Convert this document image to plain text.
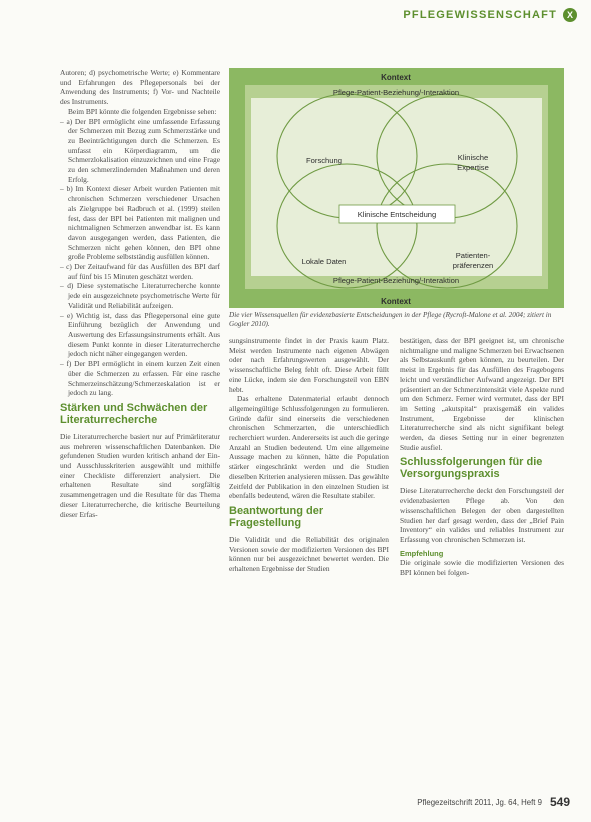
PFLEGEWISSENSCHAFT	X

Autoren; d) psychometrische Werte; e) Kommentare und Erfahrungen des Pflegepersonals bei der Anwendung des Instruments; f) Vor- und Nachteile des Instruments.

Beim BPI könnte die folgenden Ergebnisse sehen:

– a) Der BPI ermöglicht eine umfassende Erfassung der Schmerzen mit Bezug zum Schmerzstärke und zu Beeinträchtigungen durch die Schmerzen. Es umfasst ein Körperdiagramm, um die Schmerzlokalisation einzuzeichnen und eine Frage zu den schmerzlindernden Maßnahmen und deren Erfolg.

– b) Im Kontext dieser Arbeit wurden Patienten mit chronischen Schmerzen verschiedener Ursachen als Zielgruppe bei Radbruch et al. (1999) steilen fest, dass der BPI bei Patienten mit malignen und nichtmalignen Schmerzen anwendbar ist. Es kann davon ausgegangen werden, dass Patienten, die Schmerzen nicht gehen können, den BPI ohne große Probleme selbstständig ausfüllen können.

– c) Der Zeitaufwand für das Ausfüllen des BPI darf auf fünf bis 15 Minuten geschätzt werden.

– d) Diese systematische Literaturrecherche konnte jede ein ausgezeichnete psychometrische Werte für Validität und Reliabilität aufzeigen.

– e) Wichtig ist, dass das Pflegepersonal eine gute Einführung bezüglich der Anwendung und Auswertung des Erfassungsinstruments erhält. Aus diesem Punkt konnte in dieser Literaturrecherche jedoch nicht näher eingegangen werden.

– f) Der BPI ermöglicht in einem kurzen Zeit einen über die Schmerzen zu erfassen. Für eine rasche Schmerzeinschätzung/Schmerzeskalation ist er jedoch zu lang.

Stärken und Schwächen der Literaturrecherche

Die Literaturrecherche basiert nur auf Primärliteratur aus mehreren wissenschaftlichen Datenbanken. Die gefundenen Studien wurden kritisch anhand der Ein- und Ausschlusskriterien ausgewählt und mithilfe einer Checkliste differenziert analysiert. Die erhaltenen Resultate sind sorgfältig zusammengetragen und die Resultate für das Thema dieser Literaturrecherche, die kritische Beurteilung dieser Erfas-

Kontext
Kontext
Pflege-Patient-Beziehung/-Interaktion
Pflege-Patient-Beziehung/-Interaktion
Forschung	Klinische
Expertise
Klinische Entscheidung
Lokale Daten
Patienten-
präferenzen
Die vier Wissensquellen für evidenzbasierte Entscheidungen in der Pflege (Rycroft-Malone et al. 2004; zitiert in Gogler 2010).

sungsinstrumente findet in der Praxis kaum Platz. Meist werden Instrumente nach eigenen Abwägen oder nach Erfahrungswerten ausgewählt. Der wissenschaftliche Beleg fehlt oft. Diese Arbeit füllt eine Lücke, indem sie den Forschungsteil von EBN hebt.

Das erhaltene Datenmaterial erlaubt dennoch allgemeingültige Schlussfolgerungen zu formulieren. Gründe dafür sind einerseits die verschiedenen chronischen Schmerzarten, die unterschiedlich recherchiert wurden. Andererseits ist auch die geringe Anzahl an Studien bedeutend. Um eine allgemeine Aussage machen zu können, hätte die Population stärker eingeschränkt werden und die Studien dieselben Kriterien analysieren müssen. Das gewählte Zeitfeld der Publikation in den einzelnen Studien ist ebenfalls bedeutend, wären die Resultate stabiler.

Beantwortung der Fragestellung

Die Validität und die Reliabilität des originalen Versionen sowie der modifizierten Versionen des BPI können nur bei ausgezeichnet bewertet werden. Die erhaltenen Ergebnisse der Studien

bestätigen, dass der BPI geeignet ist, um chronische nichtmaligne und maligne Schmerzen bei Erwachsenen als Selbstauskunft geben können, zu beurteilen. Der meist in Ergebnis für das Ausfüllen des Fragebogens leicht und verständlicher Aufwand angezeigt. Der BPI präsentiert an der Schmerzintensität viele Aspekte rund um den Schmerz. Ferner wird vermutet, dass der BPI im Setting „akutspital“ praxisgemäß ein valides Instrument, Ergebnisse der klinischen Literaturrecherche sind als nicht signifikant belegt werden, da dieses Setting nur in einer begrenzten Studie ausfiel.

Schlussfolgerungen für die Versorgungspraxis

Diese Literaturrecherche deckt den Forschungsteil der evidenzbasierten Pflege ab. Von den wissenschaftlichen Belegen der oben dargestellten Studien her darf gesagt werden, dass der „Brief Pain Inventory“ ein valides und reliables Instrument zur Erfassung von chronischen Schmerzen ist.

Empfehlung

Die originale sowie die modifizierten Versionen des BPI können bei folgen-

Pflegezeitschrift 2011, Jg. 64, Heft 9 549
